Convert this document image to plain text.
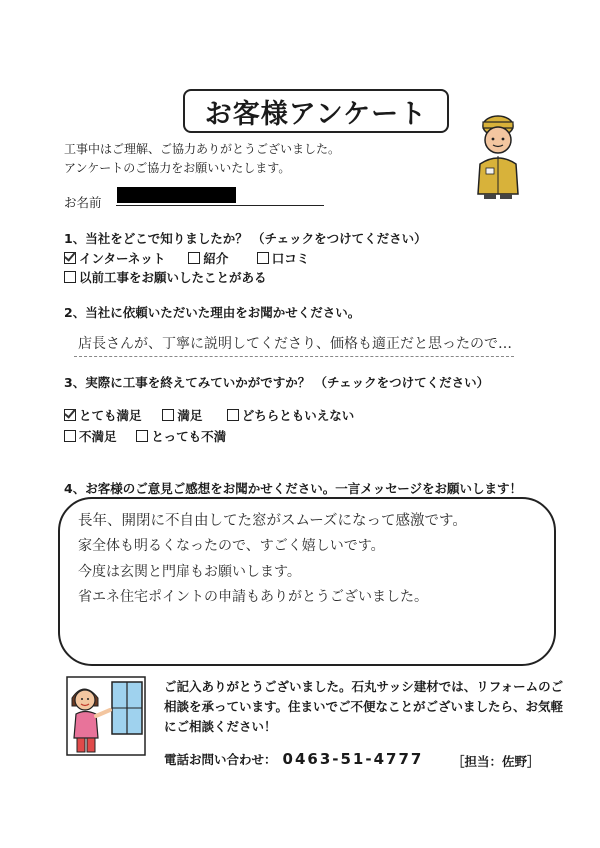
お客様アンケート
工事中はご理解、ご協力ありがとうございました。
アンケートのご協力をお願いいたします。
お名前
1、当社をどこで知りましたか？ （チェックをつけてください）
インターネット	紹介	口コミ
以前工事をお願いしたことがある
2、当社に依頼いただいた理由をお聞かせください。
店長さんが、丁寧に説明してくださり、価格も適正だと思ったので…
3、実際に工事を終えてみていかがですか？ （チェックをつけてください）
とても満足	満足	どちらともいえない
不満足	とっても不満
4、お客様のご意見ご感想をお聞かせください。一言メッセージをお願いします！
長年、開閉に不自由してた窓がスムーズになって感激です。
家全体も明るくなったので、すごく嬉しいです。
今度は玄関と門扉もお願いします。
省エネ住宅ポイントの申請もありがとうございました。
ご記入ありがとうございました。石丸サッシ建材では、リフォームのご
相談を承っています。住まいでご不便なことがございましたら、お気軽
にご相談ください！
電話お問い合わせ： 0463-51-4777 ［担当：佐野］
